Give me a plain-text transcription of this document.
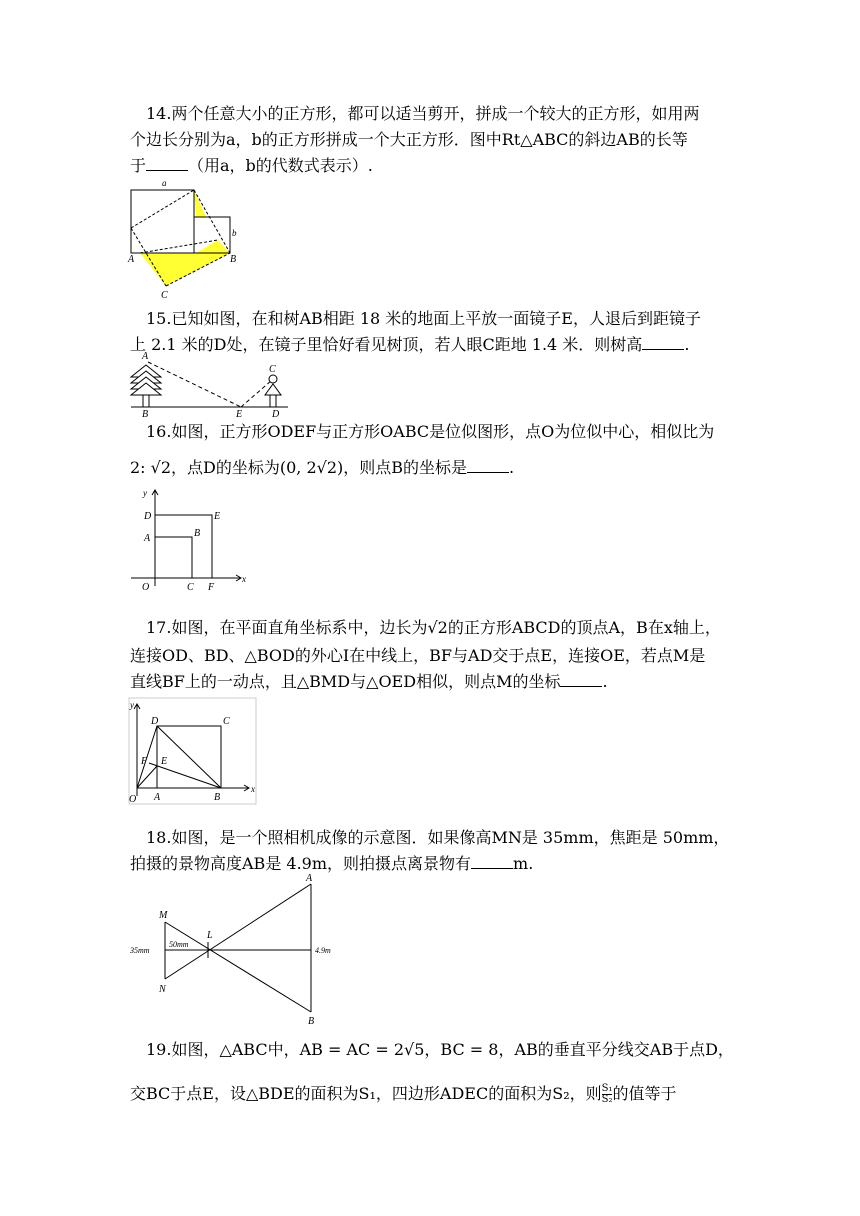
14.两个任意大小的正方形，都可以适当剪开，拼成一个较大的正方形，如用两
个边长分别为a，b的正方形拼成一个大正方形．图中Rt△ABC的斜边AB的长等
于	（用a，b的代数式表示）.
a
b
A	B
C
15.已知如图，在和树AB相距 18 米的地面上平放一面镜子E，人退后到距镜子
上 2.1 米的D处，在镜子里恰好看见树顶，若人眼C距地 1.4 米．则树高	.
A
B
C
D
E
16.如图，正方形ODEF与正方形OABC是位似图形，点O为位似中心，相似比为
2: √2，点D的坐标为(0, 2√2)，则点B的坐标是	.
y
x
D	E
A	B
O	C F
17.如图，在平面直角坐标系中，边长为√2的正方形ABCD的顶点A，B在x轴上，
连接OD、BD、△BOD的外心I在中线上，BF与AD交于点E，连接OE，若点M是
直线BF上的一动点，且△BMD与△OED相似，则点M的坐标	.
y
x
D	C
F E
O A	B
18.如图，是一个照相机成像的示意图．如果像高MN是 35mm，焦距是 50mm，
拍摄的景物高度AB是 4.9m，则拍摄点离景物有	m.
M
N
L
A
B
35mm
50mm
4.9m
19.如图，△ABC中，AB = AC = 2√5，BC = 8，AB的垂直平分线交AB于点D，
交BC于点E，设△BDE的面积为S₁，四边形ADEC的面积为S₂，则 $\frac{\text{S₁}}{\text{S₂}}$ 的值等于
